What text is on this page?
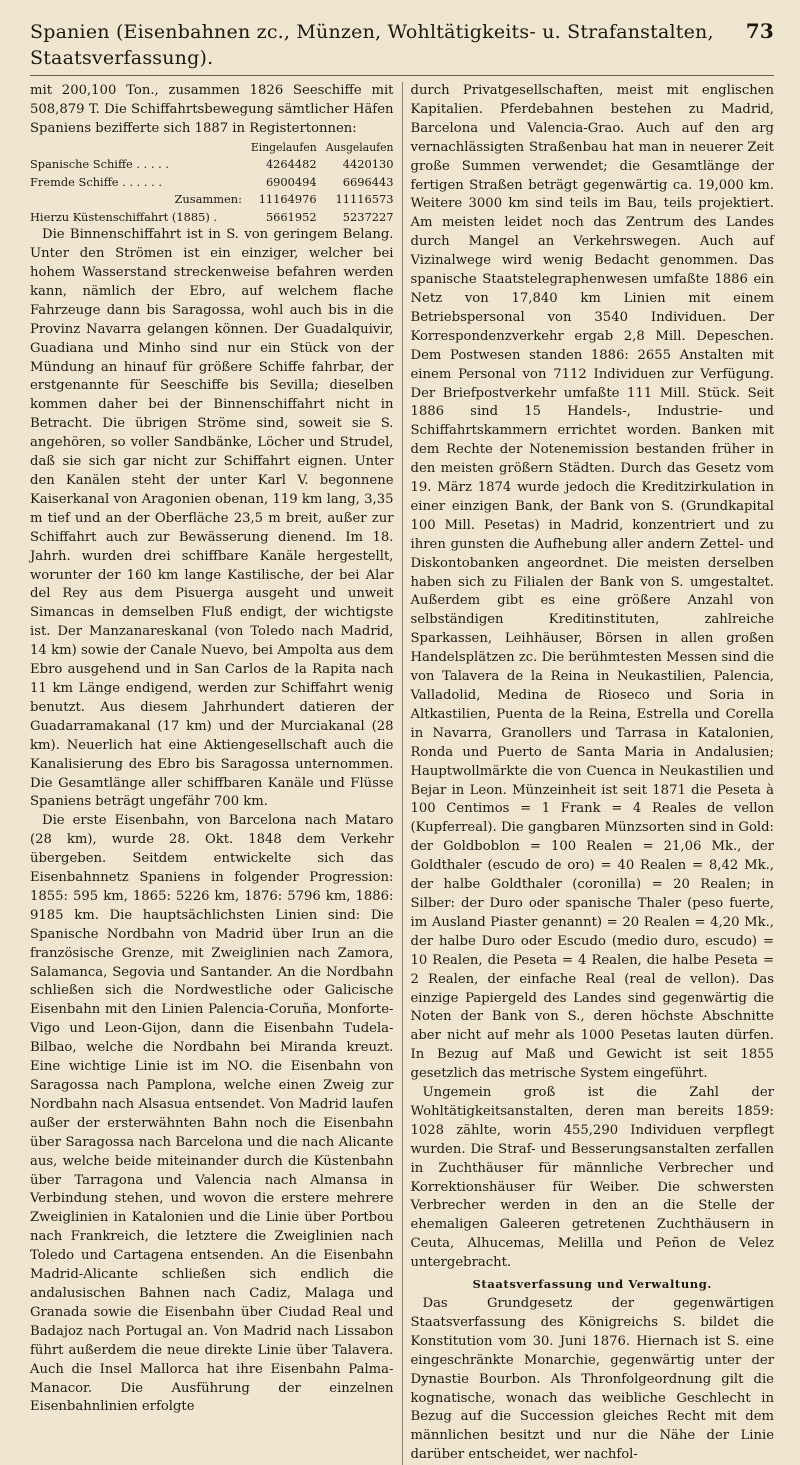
Spanien (Eisenbahnen zc., Münzen, Wohltätigkeits- u. Strafanstalten, Staatsverfassung).
73

mit 200,100 Ton., zusammen 1826 Seeschiffe mit 508,879 T. Die Schiffahrtsbewegung sämtlicher Häfen Spaniens bezifferte sich 1887 in Registertonnen:

	Eingelaufen	Ausgelaufen
Spanische Schiffe . . . . .	4264482	4420130
Fremde Schiffe . . . . . .	6900494	6696443
Zusammen:	11164976	11116573
Hierzu Küstenschiffahrt (1885) .	5661952	5237227

Die Binnenschiffahrt ist in S. von geringem Belang. Unter den Strömen ist ein einziger, welcher bei hohem Wasserstand streckenweise befahren werden kann, nämlich der Ebro, auf welchem flache Fahrzeuge dann bis Saragossa, wohl auch bis in die Provinz Navarra gelangen können. Der Guadalquivir, Guadiana und Minho sind nur ein Stück von der Mündung an hinauf für größere Schiffe fahrbar, der erstgenannte für Seeschiffe bis Sevilla; dieselben kommen daher bei der Binnenschiffahrt nicht in Betracht. Die übrigen Ströme sind, soweit sie S. angehören, so voller Sandbänke, Löcher und Strudel, daß sie sich gar nicht zur Schiffahrt eignen. Unter den Kanälen steht der unter Karl V. begonnene Kaiserkanal von Aragonien obenan, 119 km lang, 3,35 m tief und an der Oberfläche 23,5 m breit, außer zur Schiffahrt auch zur Bewässerung dienend. Im 18. Jahrh. wurden drei schiffbare Kanäle hergestellt, worunter der 160 km lange Kastilische, der bei Alar del Rey aus dem Pisuerga ausgeht und unweit Simancas in demselben Fluß endigt, der wichtigste ist. Der Manzanareskanal (von Toledo nach Madrid, 14 km) sowie der Canale Nuevo, bei Ampolta aus dem Ebro ausgehend und in San Carlos de la Rapita nach 11 km Länge endigend, werden zur Schiffahrt wenig benutzt. Aus diesem Jahrhundert datieren der Guadarramakanal (17 km) und der Murciakanal (28 km). Neuerlich hat eine Aktiengesellschaft auch die Kanalisierung des Ebro bis Saragossa unternommen. Die Gesamtlänge aller schiffbaren Kanäle und Flüsse Spaniens beträgt ungefähr 700 km.

Die erste Eisenbahn, von Barcelona nach Mataro (28 km), wurde 28. Okt. 1848 dem Verkehr übergeben. Seitdem entwickelte sich das Eisenbahnnetz Spaniens in folgender Progression: 1855: 595 km, 1865: 5226 km, 1876: 5796 km, 1886: 9185 km. Die hauptsächlichsten Linien sind: Die Spanische Nordbahn von Madrid über Irun an die französische Grenze, mit Zweiglinien nach Zamora, Salamanca, Segovia und Santander. An die Nordbahn schließen sich die Nordwestliche oder Galicische Eisenbahn mit den Linien Palencia-Coruña, Monforte-Vigo und Leon-Gijon, dann die Eisenbahn Tudela-Bilbao, welche die Nordbahn bei Miranda kreuzt. Eine wichtige Linie ist im NO. die Eisenbahn von Saragossa nach Pamplona, welche einen Zweig zur Nordbahn nach Alsasua entsendet. Von Madrid laufen außer der ersterwähnten Bahn noch die Eisenbahn über Saragossa nach Barcelona und die nach Alicante aus, welche beide miteinander durch die Küstenbahn über Tarragona und Valencia nach Almansa in Verbindung stehen, und wovon die erstere mehrere Zweiglinien in Katalonien und die Linie über Portbou nach Frankreich, die letztere die Zweiglinien nach Toledo und Cartagena entsenden. An die Eisenbahn Madrid-Alicante schließen sich endlich die andalusischen Bahnen nach Cadiz, Malaga und Granada sowie die Eisenbahn über Ciudad Real und Badajoz nach Portugal an. Von Madrid nach Lissabon führt außerdem die neue direkte Linie über Talavera. Auch die Insel Mallorca hat ihre Eisenbahn Palma-Manacor. Die Ausführung der einzelnen Eisenbahnlinien erfolgte

durch Privatgesellschaften, meist mit englischen Kapitalien. Pferdebahnen bestehen zu Madrid, Barcelona und Valencia-Grao. Auch auf den arg vernachlässigten Straßenbau hat man in neuerer Zeit große Summen verwendet; die Gesamtlänge der fertigen Straßen beträgt gegenwärtig ca. 19,000 km. Weitere 3000 km sind teils im Bau, teils projektiert. Am meisten leidet noch das Zentrum des Landes durch Mangel an Verkehrswegen. Auch auf Vizinalwege wird wenig Bedacht genommen. Das spanische Staatstelegraphenwesen umfaßte 1886 ein Netz von 17,840 km Linien mit einem Betriebspersonal von 3540 Individuen. Der Korrespondenzverkehr ergab 2,8 Mill. Depeschen. Dem Postwesen standen 1886: 2655 Anstalten mit einem Personal von 7112 Individuen zur Verfügung. Der Briefpostverkehr umfaßte 111 Mill. Stück. Seit 1886 sind 15 Handels-, Industrie- und Schiffahrtskammern errichtet worden. Banken mit dem Rechte der Notenemission bestanden früher in den meisten größern Städten. Durch das Gesetz vom 19. März 1874 wurde jedoch die Kreditzirkulation in einer einzigen Bank, der Bank von S. (Grundkapital 100 Mill. Pesetas) in Madrid, konzentriert und zu ihren gunsten die Aufhebung aller andern Zettel- und Diskontobanken angeordnet. Die meisten derselben haben sich zu Filialen der Bank von S. umgestaltet. Außerdem gibt es eine größere Anzahl von selbständigen Kreditinstituten, zahlreiche Sparkassen, Leihhäuser, Börsen in allen großen Handelsplätzen zc. Die berühmtesten Messen sind die von Talavera de la Reina in Neukastilien, Palencia, Valladolid, Medina de Rioseco und Soria in Altkastilien, Puenta de la Reina, Estrella und Corella in Navarra, Granollers und Tarrasa in Katalonien, Ronda und Puerto de Santa Maria in Andalusien; Hauptwollmärkte die von Cuenca in Neukastilien und Bejar in Leon. Münzeinheit ist seit 1871 die Peseta à 100 Centimos = 1 Frank = 4 Reales de vellon (Kupferreal). Die gangbaren Münzsorten sind in Gold: der Goldboblon = 100 Realen = 21,06 Mk., der Goldthaler (escudo de oro) = 40 Realen = 8,42 Mk., der halbe Goldthaler (coronilla) = 20 Realen; in Silber: der Duro oder spanische Thaler (peso fuerte, im Ausland Piaster genannt) = 20 Realen = 4,20 Mk., der halbe Duro oder Escudo (medio duro, escudo) = 10 Realen, die Peseta = 4 Realen, die halbe Peseta = 2 Realen, der einfache Real (real de vellon). Das einzige Papiergeld des Landes sind gegenwärtig die Noten der Bank von S., deren höchste Abschnitte aber nicht auf mehr als 1000 Pesetas lauten dürfen. In Bezug auf Maß und Gewicht ist seit 1855 gesetzlich das metrische System eingeführt.

Ungemein groß ist die Zahl der Wohltätigkeitsanstalten, deren man bereits 1859: 1028 zählte, worin 455,290 Individuen verpflegt wurden. Die Straf- und Besserungsanstalten zerfallen in Zuchthäuser für männliche Verbrecher und Korrektionshäuser für Weiber. Die schwersten Verbrecher werden in den an die Stelle der ehemaligen Galeeren getretenen Zuchthäusern in Ceuta, Alhucemas, Melilla und Peñon de Velez untergebracht.

Staatsverfassung und Verwaltung.

Das Grundgesetz der gegenwärtigen Staatsverfassung des Königreichs S. bildet die Konstitution vom 30. Juni 1876. Hiernach ist S. eine eingeschränkte Monarchie, gegenwärtig unter der Dynastie Bourbon. Als Thronfolgeordnung gilt die kognatische, wonach das weibliche Geschlecht in Bezug auf die Succession gleiches Recht mit dem männlichen besitzt und nur die Nähe der Linie darüber entscheidet, wer nachfol-
